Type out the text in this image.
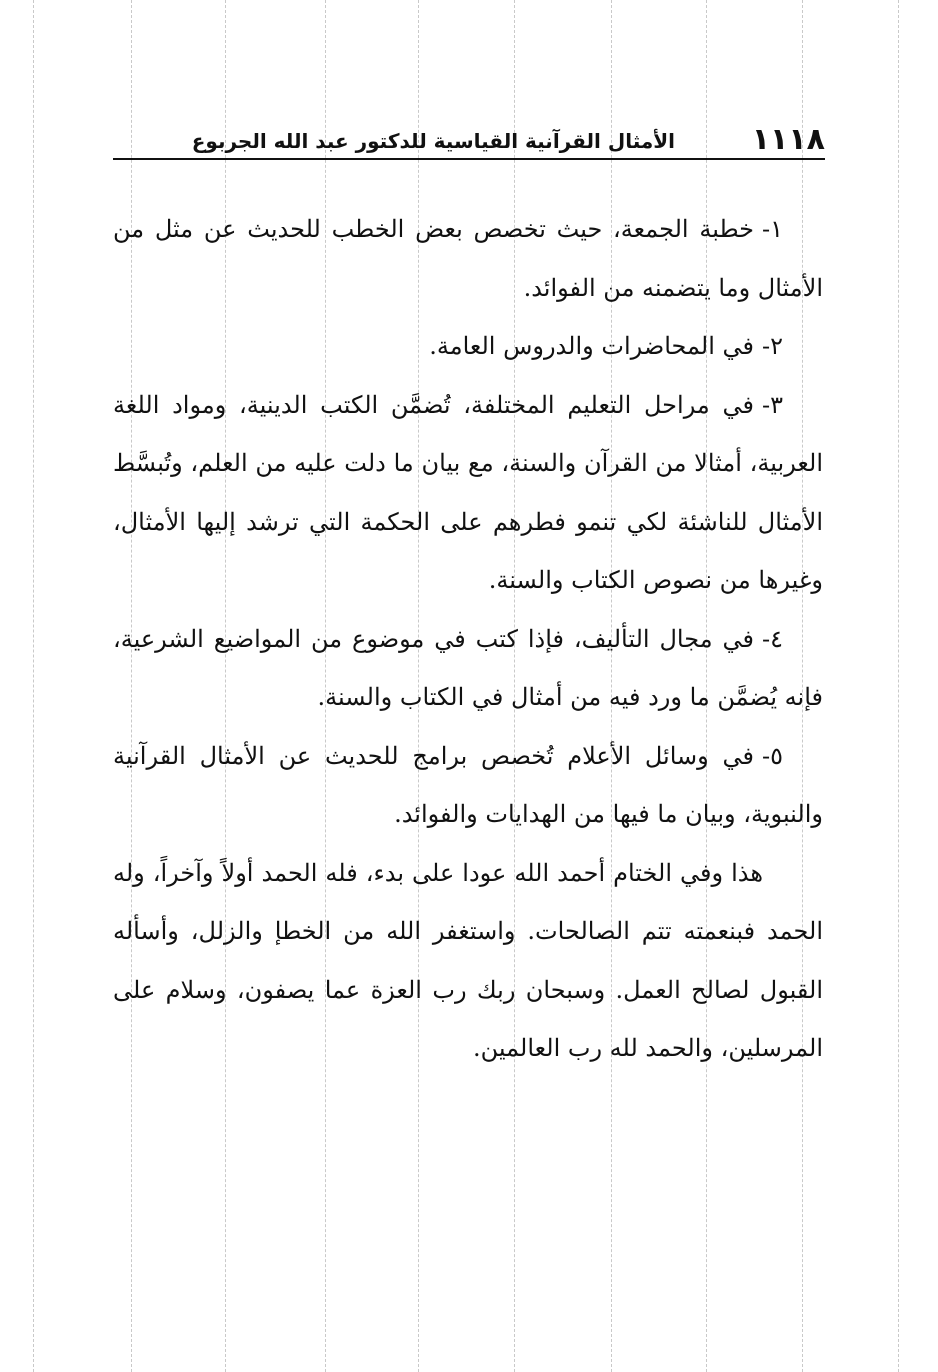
١١١٨
الأمثال القرآنية القياسية للدكتور عبد الله الجربوع

١-خطبة الجمعة، حيث تخصص بعض الخطب للحديث عن مثل من الأمثال وما يتضمنه من الفوائد.

٢-في المحاضرات والدروس العامة.

٣-في مراحل التعليم المختلفة، تُضمَّن الكتب الدينية، ومواد اللغة العربية، أمثالا من القرآن والسنة، مع بيان ما دلت عليه من العلم، وتُبسَّط الأمثال للناشئة لكي تنمو فطرهم على الحكمة التي ترشد إليها الأمثال، وغيرها من نصوص الكتاب والسنة.

٤-في مجال التأليف، فإذا كتب في موضوع من المواضيع الشرعية، فإنه يُضمَّن ما ورد فيه من أمثال في الكتاب والسنة.

٥-في وسائل الأعلام تُخصص برامج للحديث عن الأمثال القرآنية والنبوية، وبيان ما فيها من الهدايات والفوائد.

هذا وفي الختام أحمد الله عودا على بدء، فله الحمد أولاً وآخراً، وله الحمد فبنعمته تتم الصالحات. واستغفر الله من الخطإ والزلل، وأسأله القبول لصالح العمل. وسبحان ربك رب العزة عما يصفون، وسلام على المرسلين، والحمد لله رب العالمين.
